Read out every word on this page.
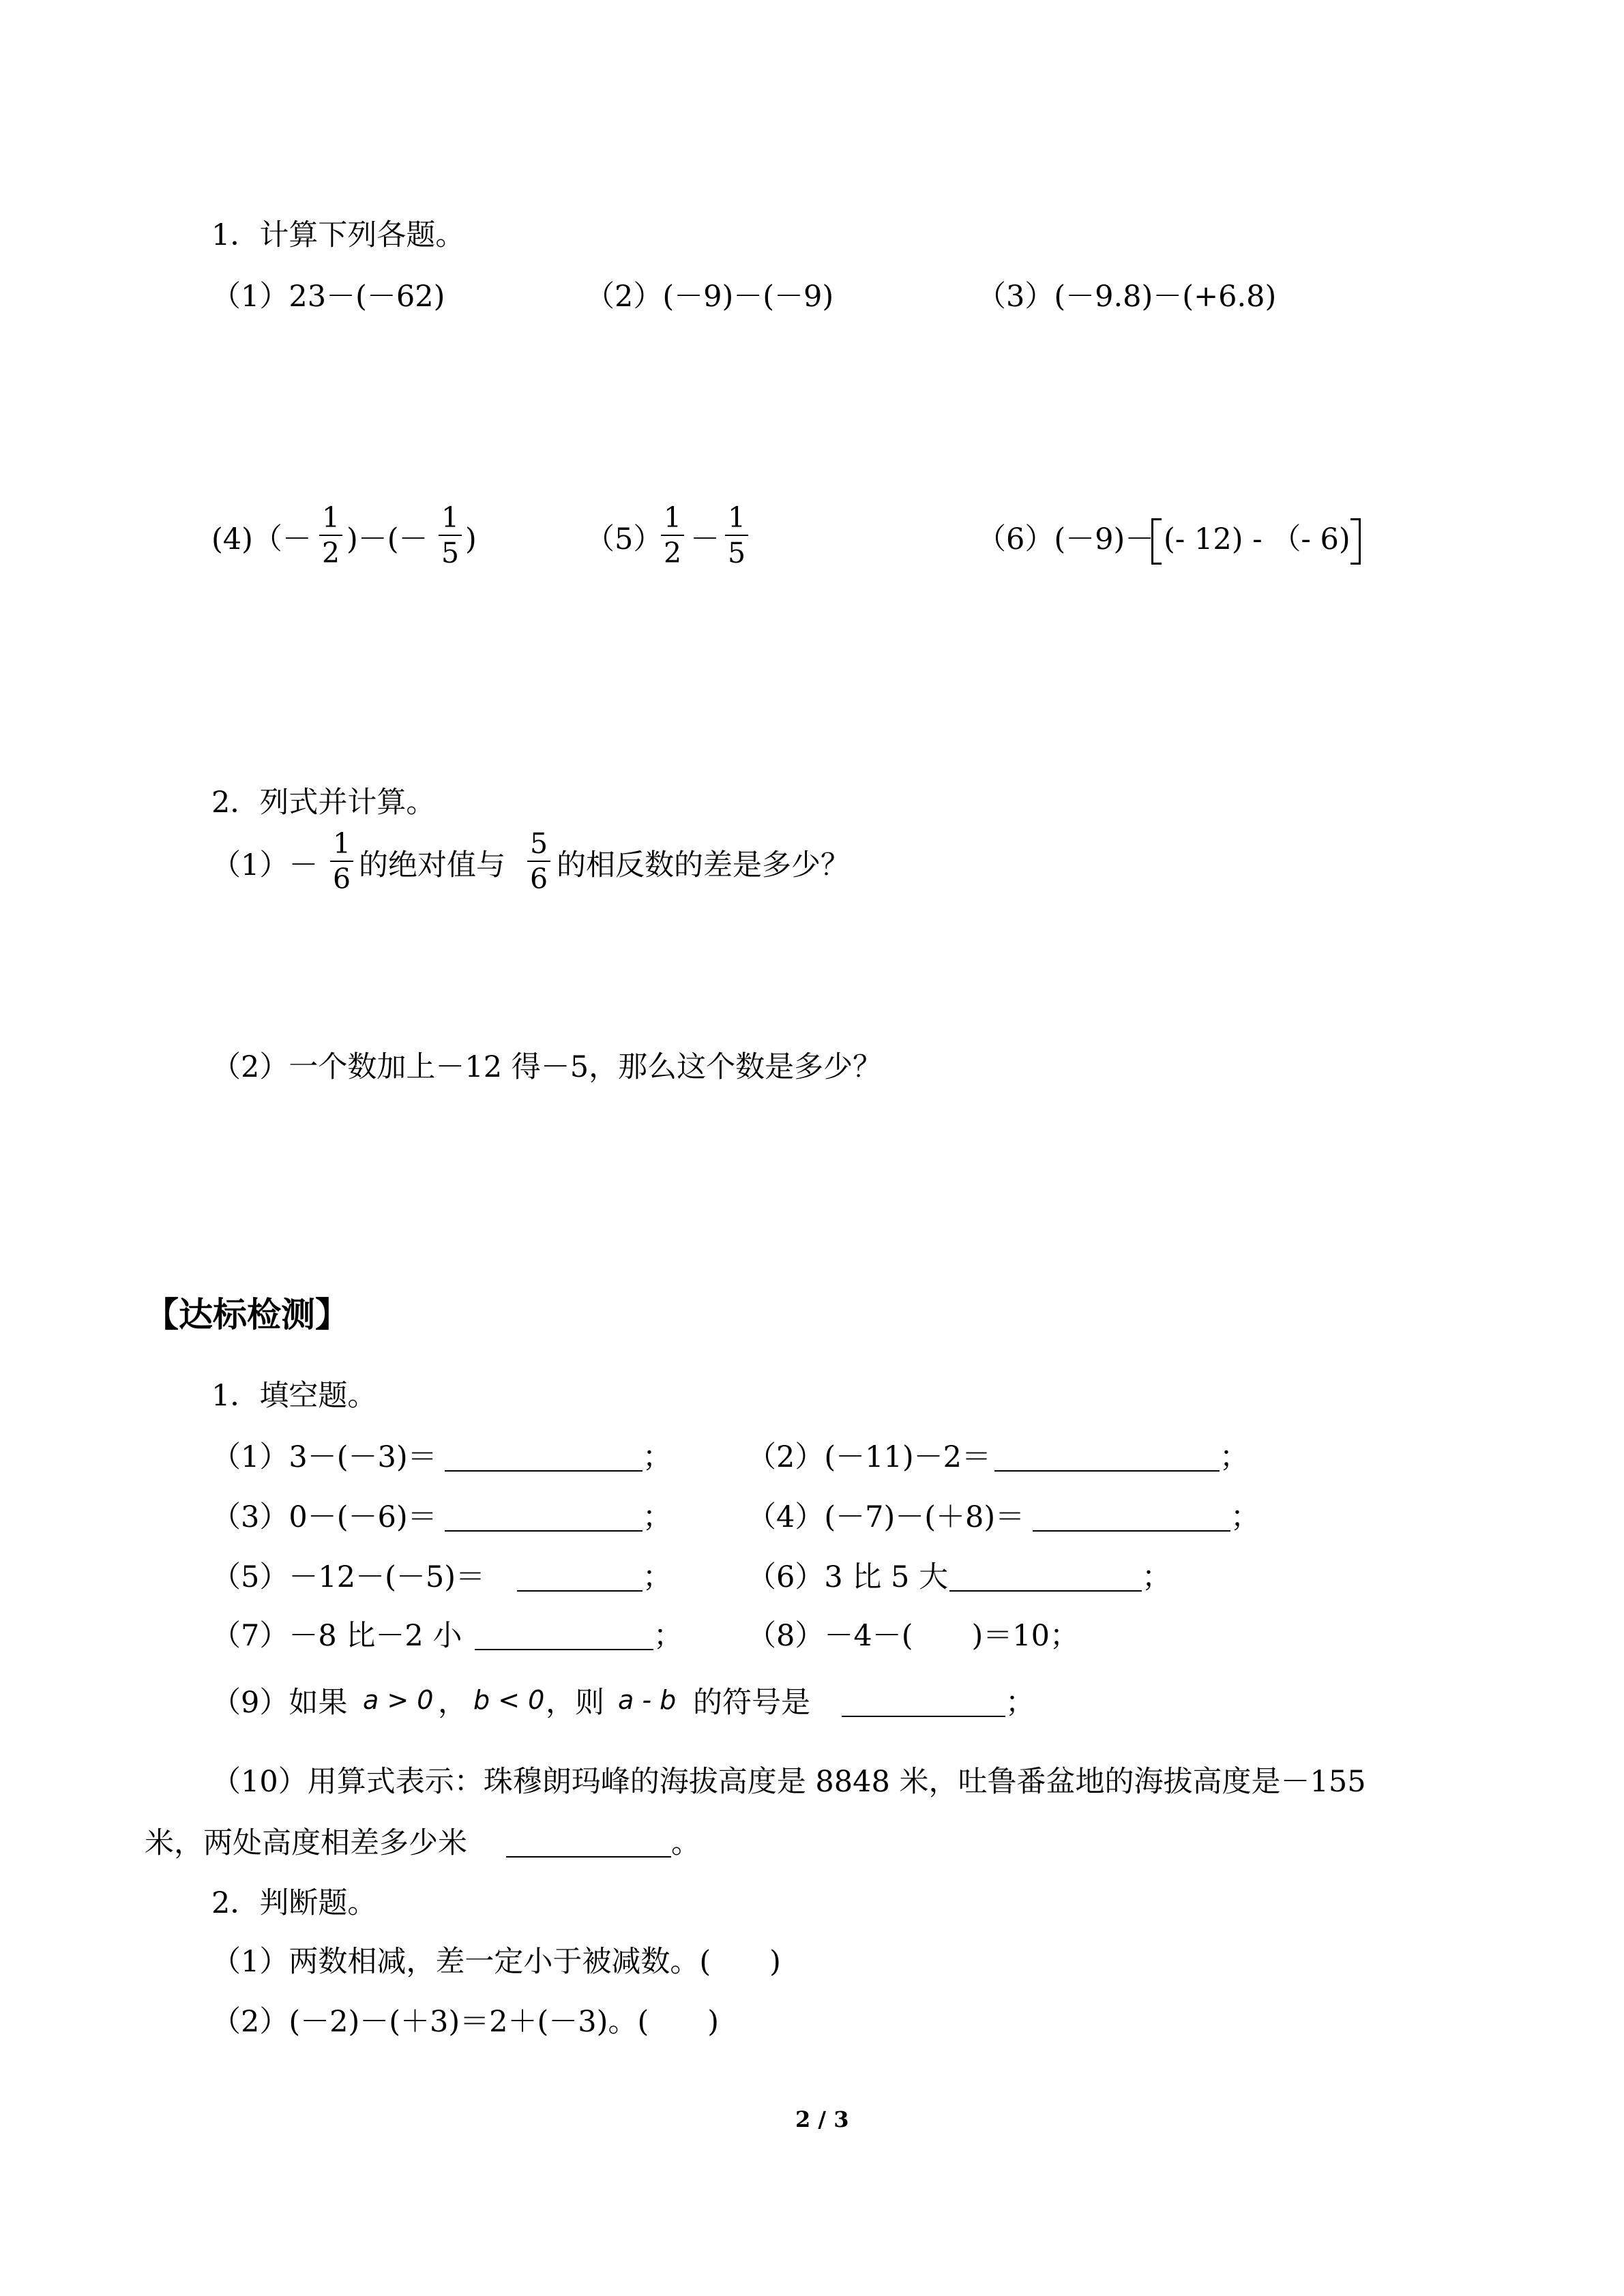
1．计算下列各题。
（1）23－(－62)	（2）(－9)－(－9)	（3）(－9.8)－(+6.8)
(4)（－
1
2 )－(－
1
5 )	（5）
1
2 －
1
5	（6）(－9)－ (- 12) - （- 6)
2．列式并计算。
（1）－
1
6 的绝对值与
5
6 的相反数的差是多少？
（2）一个数加上－12 得－5，那么这个数是多少？
【达标检测】
1．填空题。
（1）3－(－3)＝	；	（2）(－11)－2＝	；
（3）0－(－6)＝	；	（4）(－7)－(＋8)＝	；
（5）－12－(－5)＝	；	（6）3 比 5 大	；
（7）－8 比－2 小	； （8）－4－(　　)＝10；
（9）如果 a > 0 ， b < 0 ，则 a - b 的符号是	；
（10）用算式表示：珠穆朗玛峰的海拔高度是 8848 米，吐鲁番盆地的海拔高度是－155
米，两处高度相差多少米	。
2．判断题。
（1）两数相减，差一定小于被减数。(　　)
（2）(－2)－(＋3)＝2＋(－3)。(　　)
2 / 3
